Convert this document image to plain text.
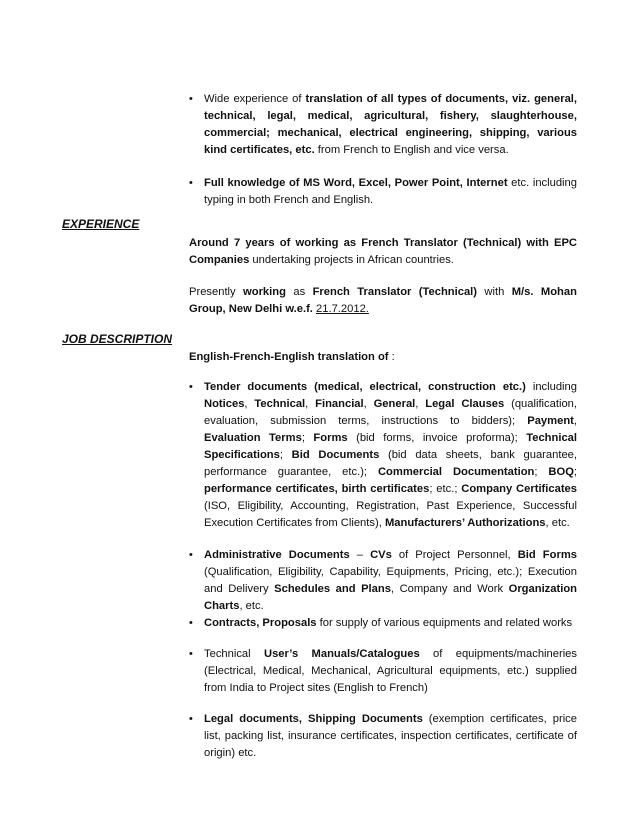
• Wide experience of translation of all types of documents, viz. general, technical, legal, medical, agricultural, fishery, slaughterhouse, commercial; mechanical, electrical engineering, shipping, various kind certificates, etc. from French to English and vice versa.

• Full knowledge of MS Word, Excel, Power Point, Internet etc. including typing in both French and English.

EXPERIENCE

Around 7 years of working as French Translator (Technical) with EPC Companies undertaking projects in African countries.

Presently working as French Translator (Technical) with M/s. Mohan Group, New Delhi w.e.f. 21.7.2012.

JOB DESCRIPTION

English-French-English translation of :

• Tender documents (medical, electrical, construction etc.) including Notices, Technical, Financial, General, Legal Clauses (qualification, evaluation, submission terms, instructions to bidders); Payment, Evaluation Terms; Forms (bid forms, invoice proforma); Technical Specifications; Bid Documents (bid data sheets, bank guarantee, performance guarantee, etc.); Commercial Documentation; BOQ; performance certificates, birth certificates; etc.; Company Certificates (ISO, Eligibility, Accounting, Registration, Past Experience, Successful Execution Certificates from Clients), Manufacturers’ Authorizations, etc.

• Administrative Documents – CVs of Project Personnel, Bid Forms (Qualification, Eligibility, Capability, Equipments, Pricing, etc.); Execution and Delivery Schedules and Plans, Company and Work Organization Charts, etc.

• Contracts, Proposals for supply of various equipments and related works

• Technical User’s Manuals/Catalogues of equipments/machineries (Electrical, Medical, Mechanical, Agricultural equipments, etc.) supplied from India to Project sites (English to French)

• Legal documents, Shipping Documents (exemption certificates, price list, packing list, insurance certificates, inspection certificates, certificate of origin) etc.
